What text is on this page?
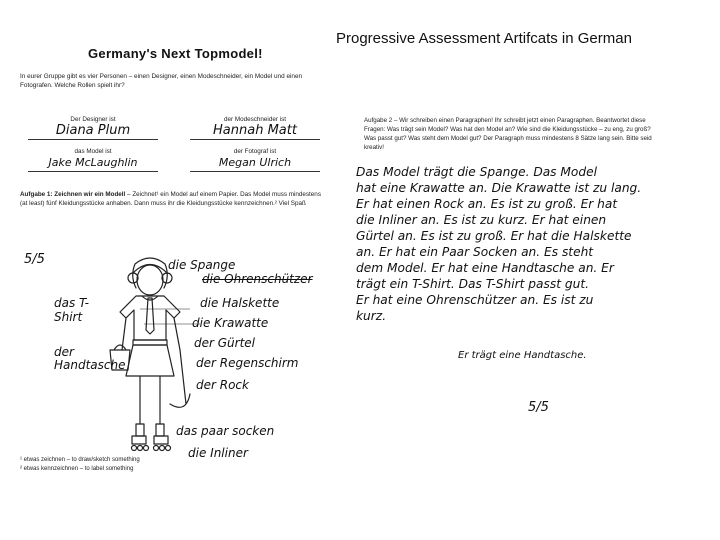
Progressive Assessment Artifcats in German
Germany's Next Topmodel!
In eurer Gruppe gibt es vier Personen – einen Designer, einen Modeschneider, ein Model und einen Fotografen. Welche Rollen spielt ihr?
Der Designer ist
Diana Plum
der Modeschneider ist
Hannah Matt
das Model ist
Jake McLaughlin
der Fotograf ist
Megan Ulrich
Aufgabe 1: Zeichnen wir ein Modell – Zeichnet¹ ein Model auf einem Papier. Das Model muss mindestens (at least) fünf Kleidungsstücke anhaben. Dann muss ihr die Kleidungsstücke kennzeichnen.² Viel Spaß
5/5	die Spange
die Ohrenschützer
das T-Shirt
die Halskette
die Krawatte
der Gürtel
der Handtasche	der Regenschirm
der Rock
das paar socken
die Inliner
¹ etwas zeichnen – to draw/sketch something
² etwas kennzeichnen – to label something
Aufgabe 2 – Wir schreiben einen Paragraphen! Ihr schreibt jetzt einen Paragraphen. Beantwortet diese Fragen: Was trägt sein Model? Was hat den Model an? Wie sind die Kleidungsstücke – zu eng, zu groß? Was passt gut? Was steht dem Model gut? Der Paragraph muss mindestens 8 Sätze lang sein. Bitte seid kreativ!
Das Model trägt die Spange. Das Model
hat eine Krawatte an. Die Krawatte ist zu lang.
Er hat einen Rock an. Es ist zu groß. Er hat
die Inliner an. Es ist zu kurz. Er hat einen
Gürtel an. Es ist zu groß. Er hat die Halskette
an. Er hat ein Paar Socken an. Es steht
dem Model. Er hat eine Handtasche an. Er
trägt ein T-Shirt. Das T-Shirt passt gut.
Er hat eine Ohrenschützer an. Es ist zu
kurz.
Er trägt eine Handtasche.
5/5
